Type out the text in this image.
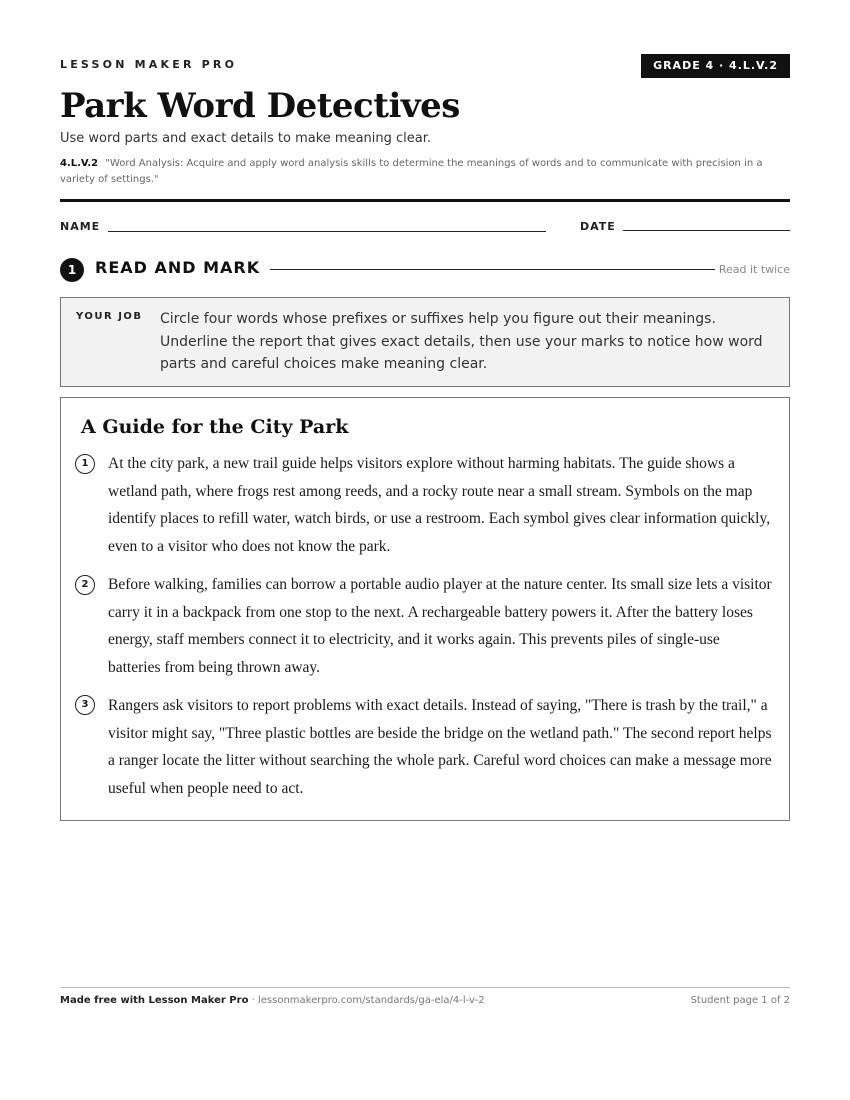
LESSON MAKER PRO	GRADE 4 · 4.L.V.2
Park Word Detectives
Use word parts and exact details to make meaning clear.
4.L.V.2 "Word Analysis: Acquire and apply word analysis skills to determine the meanings of words and to communicate with precision in a variety of settings."
NAME	DATE
1	READ AND MARK	Read it twice
YOUR JOB Circle four words whose prefixes or suffixes help you figure out their meanings. Underline the report that gives exact details, then use your marks to notice how word parts and careful choices make meaning clear.
A Guide for the City Park
1	At the city park, a new trail guide helps visitors explore without harming habitats. The guide shows a wetland path, where frogs rest among reeds, and a rocky route near a small stream. Symbols on the map identify places to refill water, watch birds, or use a restroom. Each symbol gives clear information quickly, even to a visitor who does not know the park.
2	Before walking, families can borrow a portable audio player at the nature center. Its small size lets a visitor carry it in a backpack from one stop to the next. A rechargeable battery powers it. After the battery loses energy, staff members connect it to electricity, and it works again. This prevents piles of single-use batteries from being thrown away.
3	Rangers ask visitors to report problems with exact details. Instead of saying, "There is trash by the trail," a visitor might say, "Three plastic bottles are beside the bridge on the wetland path." The second report helps a ranger locate the litter without searching the whole park. Careful word choices can make a message more useful when people need to act.
Made free with Lesson Maker Pro · lessonmakerpro.com/standards/ga-ela/4-l-v-2	Student page 1 of 2
